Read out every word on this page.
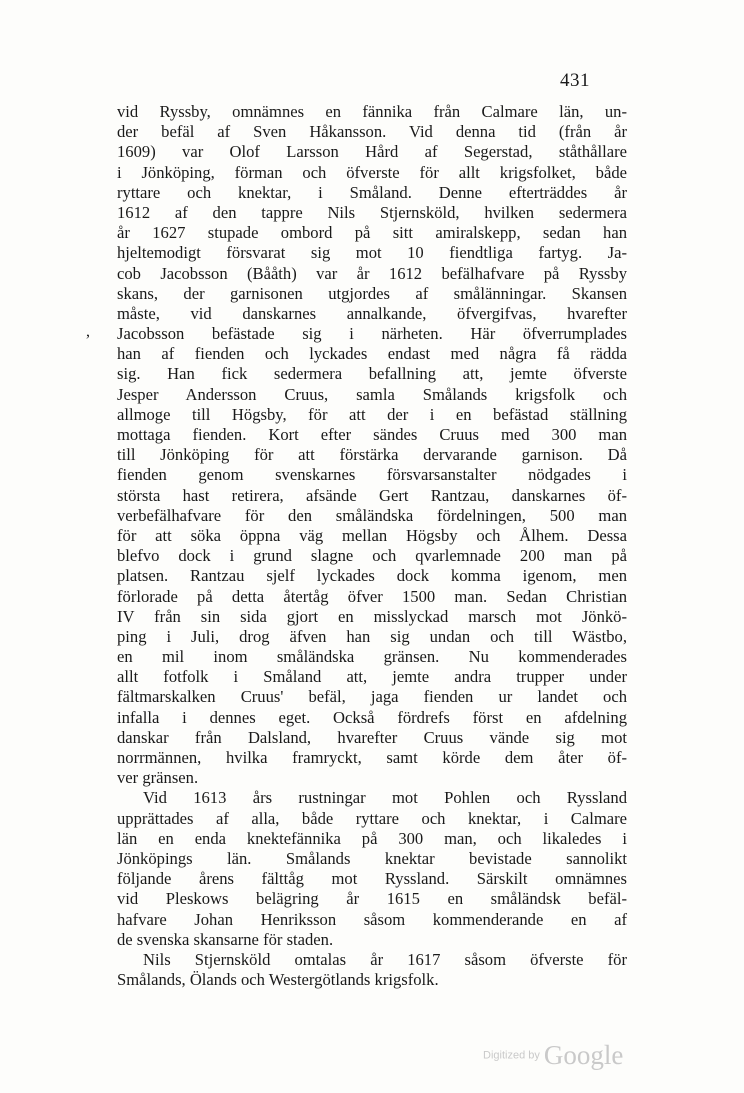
431
,
vid Ryssby, omnämnes en fännika från Calmare län, un-
der befäl af Sven Håkansson. Vid denna tid (från år
1609) var Olof Larsson Hård af Segerstad, ståthållare
i Jönköping, förman och öfverste för allt krigsfolket, både
ryttare och knektar, i Småland. Denne efterträddes år
1612 af den tappre Nils Stjernsköld, hvilken sedermera
år 1627 stupade ombord på sitt amiralskepp, sedan han
hjeltemodigt försvarat sig mot 10 fiendtliga fartyg. Ja-
cob Jacobsson (Bååth) var år 1612 befälhafvare på Ryssby
skans, der garnisonen utgjordes af smålänningar. Skansen
måste, vid danskarnes annalkande, öfvergifvas, hvarefter
Jacobsson befästade sig i närheten. Här öfverrumplades
han af fienden och lyckades endast med några få rädda
sig. Han fick sedermera befallning att, jemte öfverste
Jesper Andersson Cruus, samla Smålands krigsfolk och
allmoge till Högsby, för att der i en befästad ställning
mottaga fienden. Kort efter sändes Cruus med 300 man
till Jönköping för att förstärka dervarande garnison. Då
fienden genom svenskarnes försvarsanstalter nödgades i
största hast retirera, afsände Gert Rantzau, danskarnes öf-
verbefälhafvare för den småländska fördelningen, 500 man
för att söka öppna väg mellan Högsby och Ålhem. Dessa
blefvo dock i grund slagne och qvarlemnade 200 man på
platsen. Rantzau sjelf lyckades dock komma igenom, men
förlorade på detta återtåg öfver 1500 man. Sedan Christian
IV från sin sida gjort en misslyckad marsch mot Jönkö-
ping i Juli, drog äfven han sig undan och till Wästbo,
en mil inom småländska gränsen. Nu kommenderades
allt fotfolk i Småland att, jemte andra trupper under
fältmarskalken Cruus' befäl, jaga fienden ur landet och
infalla i dennes eget. Också fördrefs först en afdelning
danskar från Dalsland, hvarefter Cruus vände sig mot
norrmännen, hvilka framryckt, samt körde dem åter öf-
ver gränsen.
Vid 1613 års rustningar mot Pohlen och Ryssland
upprättades af alla, både ryttare och knektar, i Calmare
län en enda knektefännika på 300 man, och likaledes i
Jönköpings län. Smålands knektar bevistade sannolikt
följande årens fälttåg mot Ryssland. Särskilt omnämnes
vid Pleskows belägring år 1615 en småländsk befäl-
hafvare Johan Henriksson såsom kommenderande en af
de svenska skansarne för staden.
Nils Stjernsköld omtalas år 1617 såsom öfverste för
Smålands, Ölands och Westergötlands krigsfolk.
Digitized by Google
